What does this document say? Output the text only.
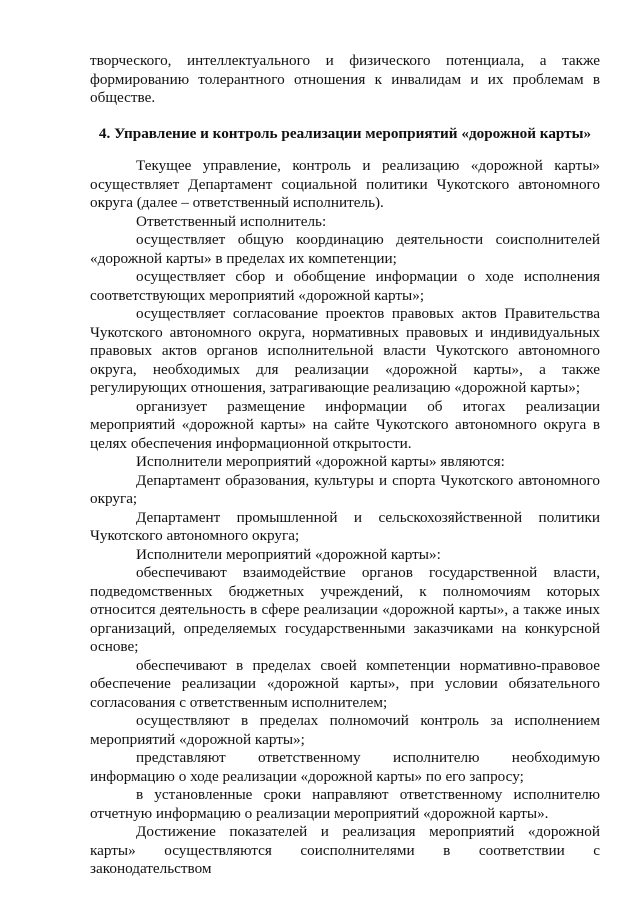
творческого, интеллектуального и физического потенциала, а также формированию толерантного отношения к инвалидам и их проблемам в обществе.

4. Управление и контроль реализации мероприятий «дорожной карты»

Текущее управление, контроль и реализацию «дорожной карты» осуществляет Департамент социальной политики Чукотского автономного округа (далее – ответственный исполнитель).

Ответственный исполнитель:

осуществляет общую координацию деятельности соисполнителей «дорожной карты» в пределах их компетенции;

осуществляет сбор и обобщение информации о ходе исполнения соответствующих мероприятий «дорожной карты»;

осуществляет согласование проектов правовых актов Правительства Чукотского автономного округа, нормативных правовых и индивидуальных правовых актов органов исполнительной власти Чукотского автономного округа, необходимых для реализации «дорожной карты», а также регулирующих отношения, затрагивающие реализацию «дорожной карты»;

организует размещение информации об итогах реализации мероприятий «дорожной карты» на сайте Чукотского автономного округа в целях обеспечения информационной открытости.

Исполнители мероприятий «дорожной карты» являются:

Департамент образования, культуры и спорта Чукотского автономного округа;

Департамент промышленной и сельскохозяйственной политики Чукотского автономного округа;

Исполнители мероприятий «дорожной карты»:

обеспечивают взаимодействие органов государственной власти, подведомственных бюджетных учреждений, к полномочиям которых относится деятельность в сфере реализации «дорожной карты», а также иных организаций, определяемых государственными заказчиками на конкурсной основе;

обеспечивают в пределах своей компетенции нормативно-правовое обеспечение реализации «дорожной карты», при условии обязательного согласования с ответственным исполнителем;

осуществляют в пределах полномочий контроль за исполнением мероприятий «дорожной карты»;

представляют ответственному исполнителю необходимую информацию о ходе реализации «дорожной карты» по его запросу;

в установленные сроки направляют ответственному исполнителю отчетную информацию о реализации мероприятий «дорожной карты».

Достижение показателей и реализация мероприятий «дорожной карты» осуществляются соисполнителями в соответствии с законодательством
